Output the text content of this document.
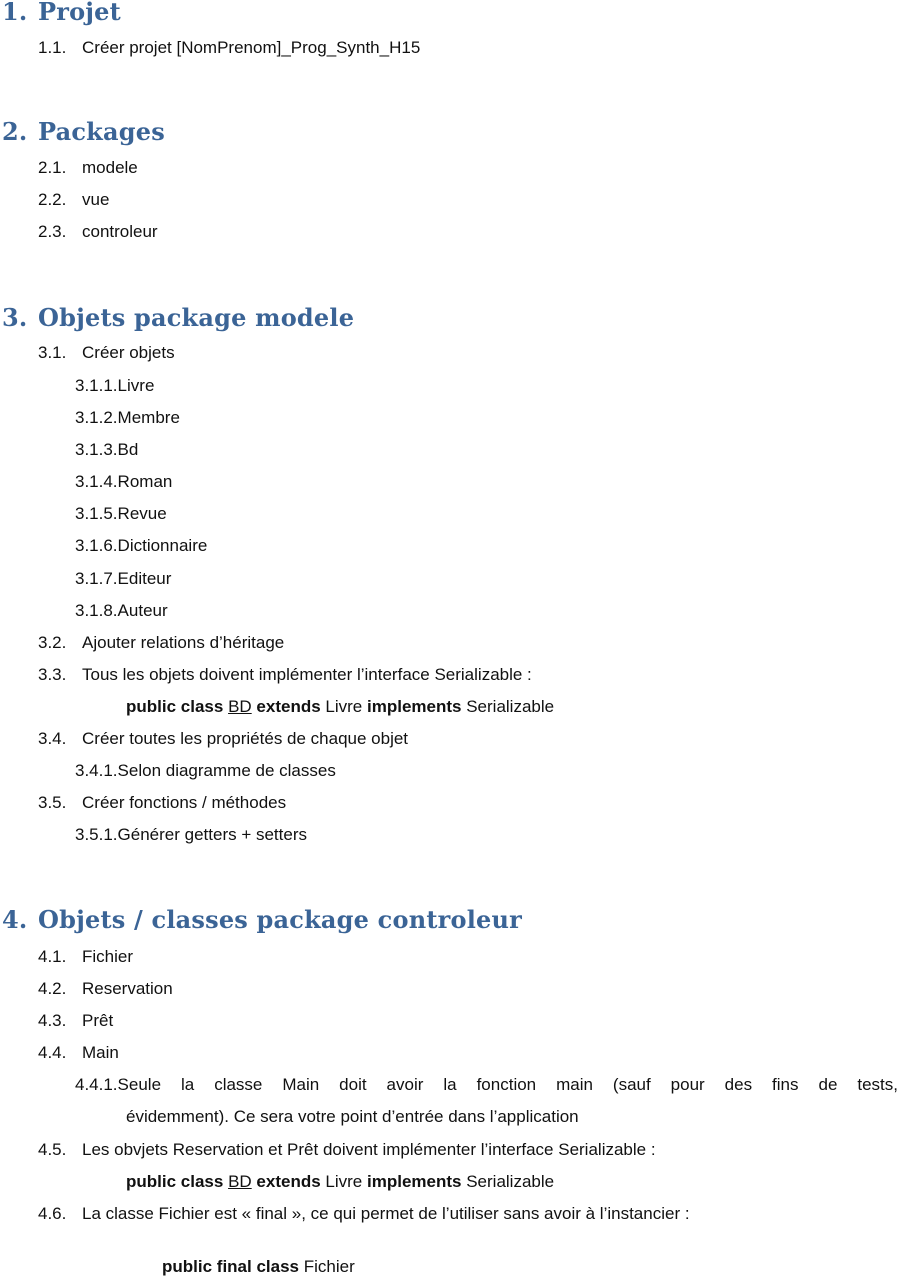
1. Projet
1.1. Créer projet [NomPrenom]_Prog_Synth_H15
2. Packages
2.1. modele
2.2. vue
2.3. controleur
3. Objets package modele
3.1. Créer objets
3.1.1.Livre
3.1.2.Membre
3.1.3.Bd
3.1.4.Roman
3.1.5.Revue
3.1.6.Dictionnaire
3.1.7.Editeur
3.1.8.Auteur
3.2. Ajouter relations d’héritage
3.3. Tous les objets doivent implémenter l’interface Serializable :
public class BD extends Livre implements Serializable
3.4. Créer toutes les propriétés de chaque objet
3.4.1.Selon diagramme de classes
3.5. Créer fonctions / méthodes
3.5.1.Générer getters + setters
4. Objets / classes package controleur
4.1. Fichier
4.2. Reservation
4.3. Prêt
4.4. Main
4.4.1. Seule la classe Main doit avoir la fonction main (sauf pour des fins de tests,
évidemment). Ce sera votre point d’entrée dans l’application
4.5. Les obvjets Reservation et Prêt doivent implémenter l’interface Serializable :
public class BD extends Livre implements Serializable
4.6. La classe Fichier est « final », ce qui permet de l’utiliser sans avoir à l’instancier :
public final class Fichier
